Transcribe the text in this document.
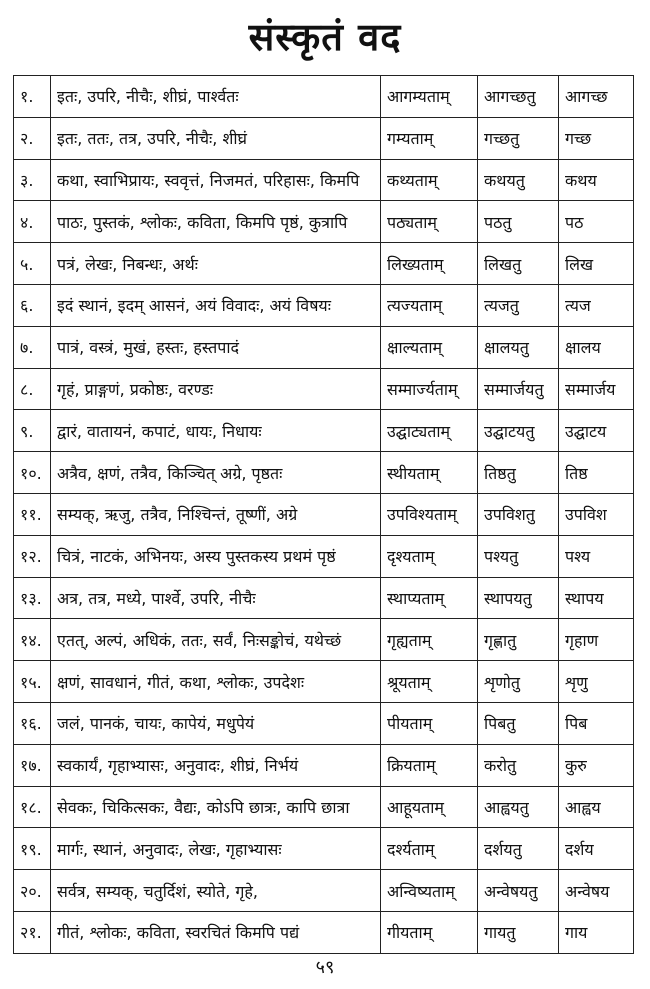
संस्कृतं वद
१.	इतः, उपरि, नीचैः, शीघ्रं, पार्श्वतः	आगम्यताम्	आगच्छतु	आगच्छ
२.	इतः, ततः, तत्र, उपरि, नीचैः, शीघ्रं	गम्यताम्	गच्छतु	गच्छ
३.	कथा, स्वाभिप्रायः, स्ववृत्तं, निजमतं, परिहासः, किमपि	कथ्यताम्	कथयतु	कथय
४.	पाठः, पुस्तकं, श्लोकः, कविता, किमपि पृष्ठं, कुत्रापि	पठ्यताम्	पठतु	पठ
५.	पत्रं, लेखः, निबन्धः, अर्थः	लिख्यताम्	लिखतु	लिख
६.	इदं स्थानं, इदम् आसनं, अयं विवादः, अयं विषयः	त्यज्यताम्	त्यजतु	त्यज
७.	पात्रं, वस्त्रं, मुखं, हस्तः, हस्तपादं	क्षाल्यताम्	क्षालयतु	क्षालय
८.	गृहं, प्राङ्गणं, प्रकोष्ठः, वरण्डः	सम्मार्ज्यताम्	सम्मार्जयतु	सम्मार्जय
९.	द्वारं, वातायनं, कपाटं, धायः, निधायः	उद्घाट्यताम्	उद्घाटयतु	उद्घाटय
१०.	अत्रैव, क्षणं, तत्रैव, किञ्चित् अग्रे, पृष्ठतः	स्थीयताम्	तिष्ठतु	तिष्ठ
११.	सम्यक्, ऋजु, तत्रैव, निश्चिन्तं, तूष्णीं, अग्रे	उपविश्यताम्	उपविशतु	उपविश
१२.	चित्रं, नाटकं, अभिनयः, अस्य पुस्तकस्य प्रथमं पृष्ठं	दृश्यताम्	पश्यतु	पश्य
१३.	अत्र, तत्र, मध्ये, पार्श्वे, उपरि, नीचैः	स्थाप्यताम्	स्थापयतु	स्थापय
१४.	एतत्, अल्पं, अधिकं, ततः, सर्वं, निःसङ्कोचं, यथेच्छं	गृह्यताम्	गृह्णातु	गृहाण
१५.	क्षणं, सावधानं, गीतं, कथा, श्लोकः, उपदेशः	श्रूयताम्	शृणोतु	शृणु
१६.	जलं, पानकं, चायः, कापेयं, मधुपेयं	पीयताम्	पिबतु	पिब
१७.	स्वकार्यं, गृहाभ्यासः, अनुवादः, शीघ्रं, निर्भयं	क्रियताम्	करोतु	कुरु
१८.	सेवकः, चिकित्सकः, वैद्यः, कोऽपि छात्रः, कापि छात्रा	आहूयताम्	आह्वयतु	आह्वय
१९.	मार्गः, स्थानं, अनुवादः, लेखः, गृहाभ्यासः	दर्श्यताम्	दर्शयतु	दर्शय
२०.	सर्वत्र, सम्यक्, चतुर्दिशं, स्योते, गृहे,	अन्विष्यताम्	अन्वेषयतु	अन्वेषय
२१.	गीतं, श्लोकः, कविता, स्वरचितं किमपि पद्यं	गीयताम्	गायतु	गाय
५९
